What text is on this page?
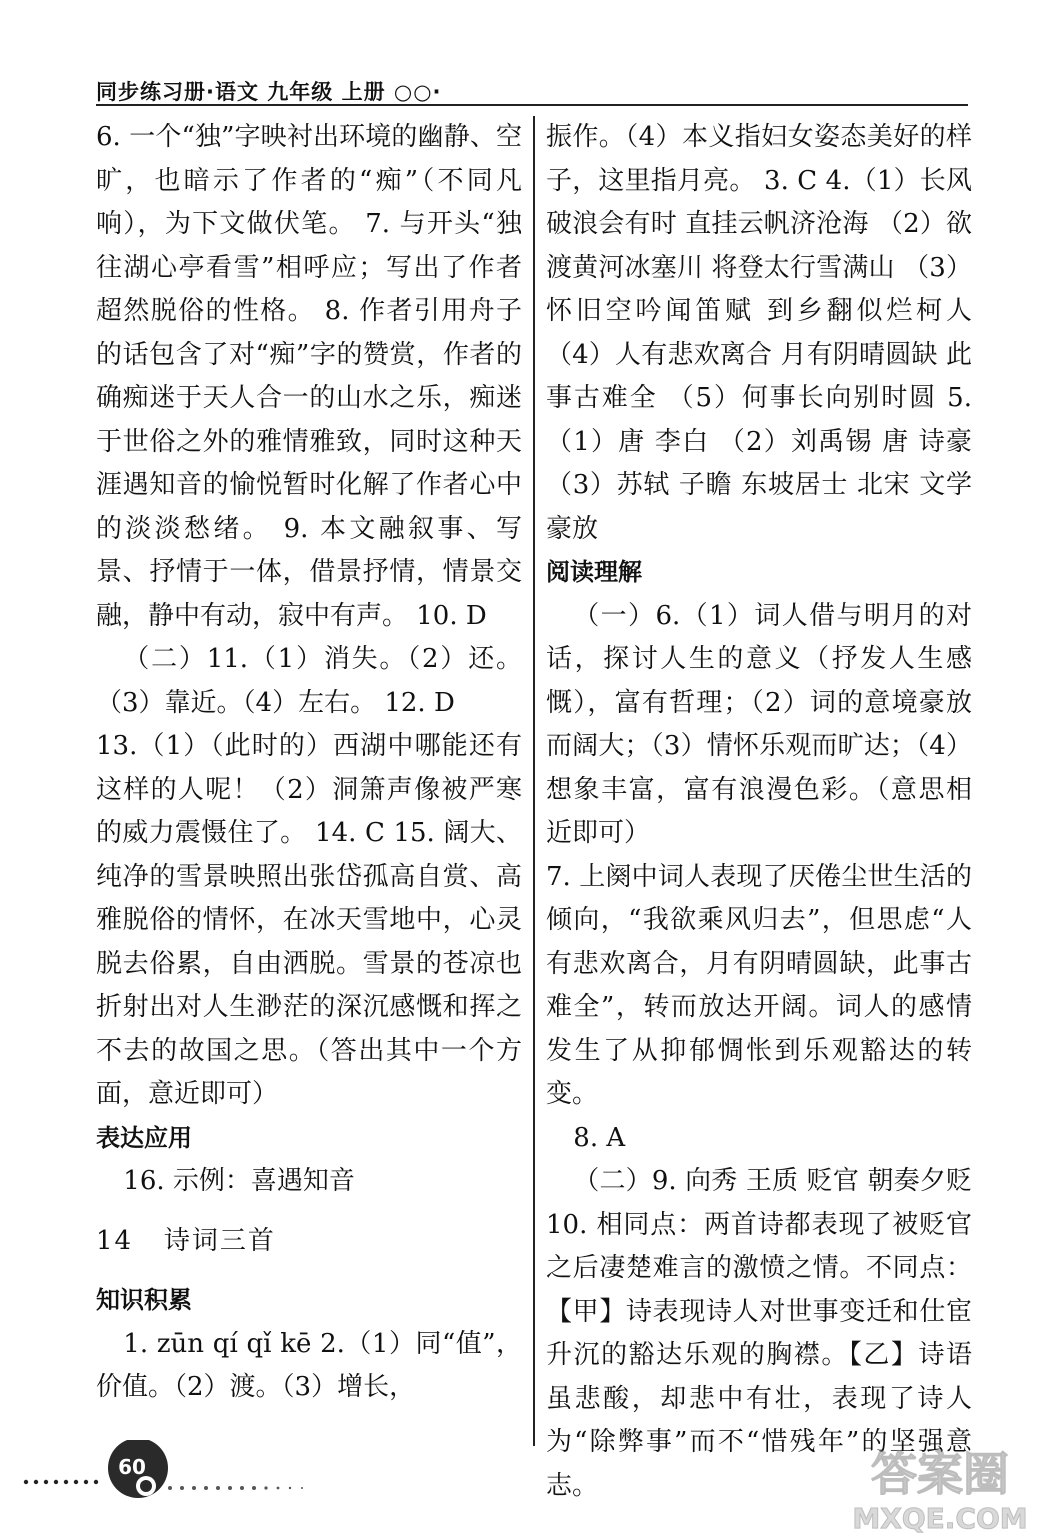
同步练习册·语文 九年级 上册 ○○·

6. 一个“独”字映衬出环境的幽静、空旷，也暗示了作者的“痴”（不同凡响），为下文做伏笔。 7. 与开头“独往湖心亭看雪”相呼应；写出了作者超然脱俗的性格。 8. 作者引用舟子的话包含了对“痴”字的赞赏，作者的确痴迷于天人合一的山水之乐，痴迷于世俗之外的雅情雅致，同时这种天涯遇知音的愉悦暂时化解了作者心中的淡淡愁绪。 9. 本文融叙事、写景、抒情于一体，借景抒情，情景交融，静中有动，寂中有声。 10. D

（二）11.（1）消失。（2）还。（3）靠近。（4）左右。 12. D

13.（1）（此时的）西湖中哪能还有这样的人呢！（2）洞箫声像被严寒的威力震慑住了。 14. C 15. 阔大、纯净的雪景映照出张岱孤高自赏、高雅脱俗的情怀，在冰天雪地中，心灵脱去俗累，自由洒脱。雪景的苍凉也折射出对人生渺茫的深沉感慨和挥之不去的故国之思。（答出其中一个方面，意近即可）

表达应用

16. 示例：喜遇知音

14 诗词三首

知识积累

1. zūn qí qǐ kē 2.（1）同“值”，价值。（2）渡。（3）增长，

振作。（4）本义指妇女姿态美好的样子，这里指月亮。 3. C 4.（1）长风破浪会有时 直挂云帆济沧海 （2）欲渡黄河冰塞川 将登太行雪满山 （3）怀旧空吟闻笛赋 到乡翻似烂柯人 （4）人有悲欢离合 月有阴晴圆缺 此事古难全 （5）何事长向别时圆 5.（1）唐 李白 （2）刘禹锡 唐 诗豪 （3）苏轼 子瞻 东坡居士 北宋 文学 豪放

阅读理解

（一）6.（1）词人借与明月的对话，探讨人生的意义（抒发人生感慨），富有哲理；（2）词的意境豪放而阔大；（3）情怀乐观而旷达；（4）想象丰富，富有浪漫色彩。（意思相近即可）

7. 上阕中词人表现了厌倦尘世生活的倾向，“我欲乘风归去”，但思虑“人有悲欢离合，月有阴晴圆缺，此事古难全”，转而放达开阔。词人的感情发生了从抑郁惆怅到乐观豁达的转变。

8. A

（二）9. 向秀 王质 贬官 朝奏夕贬 10. 相同点：两首诗都表现了被贬官之后凄楚难言的激愤之情。不同点：【甲】诗表现诗人对世事变迁和仕宦升沉的豁达乐观的胸襟。【乙】诗语虽悲酸，却悲中有壮，表现了诗人为“除弊事”而不“惜残年”的坚强意志。

60	答案圈
MXQE.COM
